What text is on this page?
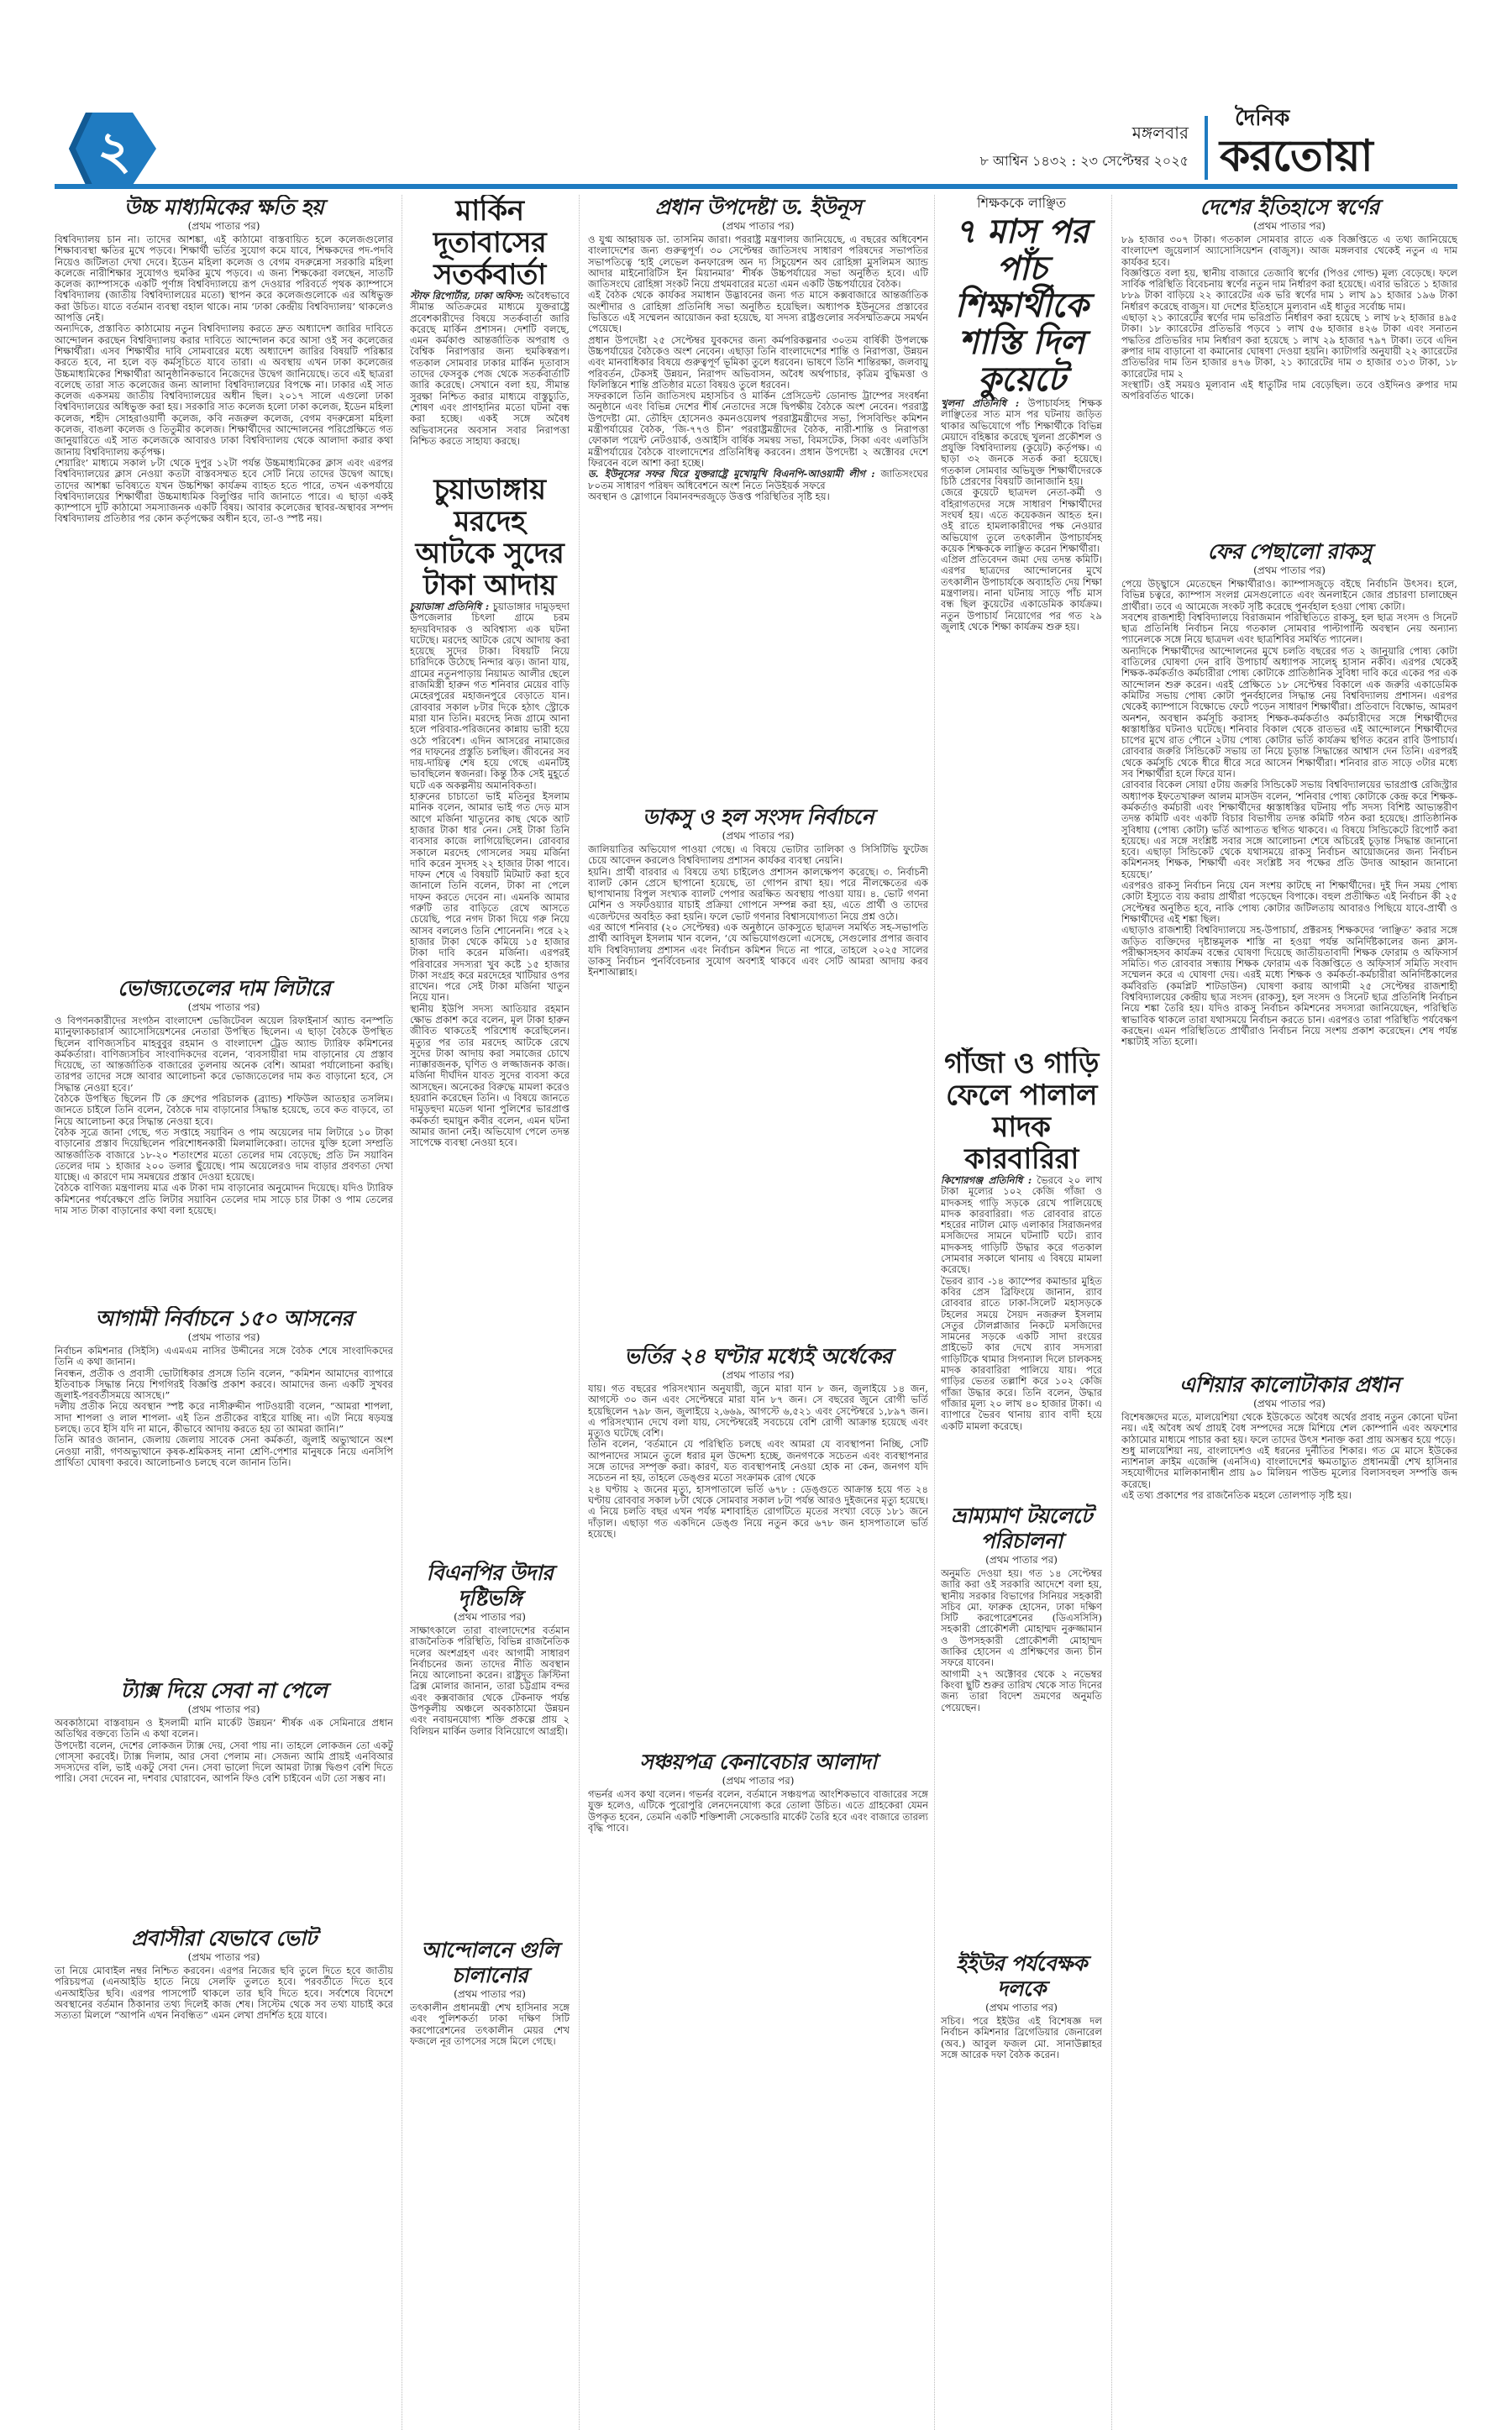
২	মঙ্গলবার
৮ আশ্বিন ১৪৩২ : ২৩ সেপ্টেম্বর ২০২৫
দৈনিক
করতোয়া
উচ্চ মাধ্যমিকের ক্ষতি হয়
(প্রথম পাতার পর)

বিশ্ববিদ্যালয় চান না। তাদের আশঙ্কা, এই কাঠামো বাস্তবায়িত হলে কলেজগুলোর শিক্ষাব্যবস্থা ক্ষতির মুখে পড়বে। শিক্ষার্থী ভর্তির সুযোগ কমে যাবে, শিক্ষকদের পদ-পদবি নিয়েও জটিলতা দেখা দেবে। ইডেন মহিলা কলেজ ও বেগম বদরুন্নেসা সরকারি মহিলা কলেজে নারীশিক্ষার সুযোগও হুমকির মুখে পড়বে। এ জন্য শিক্ষকেরা বলছেন, সাতটি কলেজ ক্যাম্পাসকে একটি পূর্ণাঙ্গ বিশ্ববিদ্যালয়ে রূপ দেওয়ার পরিবর্তে পৃথক ক্যাম্পাসে বিশ্ববিদ্যালয় (জাতীয় বিশ্ববিদ্যালয়ের মতো) স্থাপন করে কলেজগুলোকে এর অধিভুক্ত করা উচিত। যাতে বর্তমান ব্যবস্থা বহাল থাকে। নাম ‘ঢাকা কেন্দ্রীয় বিশ্ববিদ্যালয়’ থাকলেও আপত্তি নেই।

অন্যদিকে, প্রস্তাবিত কাঠামোয় নতুন বিশ্ববিদ্যালয় করতে দ্রুত অধ্যাদেশ জারির দাবিতে আন্দোলন করছেন বিশ্ববিদ্যালয় করার দাবিতে আন্দোলন করে আসা ওই সব কলেজের শিক্ষার্থীরা। এসব শিক্ষার্থীর দাবি সোমবারের মধ্যে অধ্যাদেশ জারির বিষয়টি পরিষ্কার করতে হবে, না হলে বড় কর্মসূচিতে যাবে তারা। এ অবস্থায় এখন ঢাকা কলেজের উচ্চমাধ্যমিকের শিক্ষার্থীরা আনুষ্ঠানিকভাবে নিজেদের উদ্বেগ জানিয়েছে। তবে এই ছাত্ররা বলেছে তারা সাত কলেজের জন্য আলাদা বিশ্ববিদ্যালয়ের বিপক্ষে না। ঢাকার এই সাত কলেজ একসময় জাতীয় বিশ্ববিদ্যালয়ের অধীন ছিল। ২০১৭ সালে এগুলো ঢাকা বিশ্ববিদ্যালয়ের অধিভুক্ত করা হয়। সরকারি সাত কলেজ হলো ঢাকা কলেজ, ইডেন মহিলা কলেজ, শহীদ সোহরাওয়ার্দী কলেজ, কবি নজরুল কলেজ, বেগম বদরুন্নেসা মহিলা কলেজ, বাঙলা কলেজ ও তিতুমীর কলেজ। শিক্ষার্থীদের আন্দোলনের পরিপ্রেক্ষিতে গত জানুয়ারিতে এই সাত কলেজকে আবারও ঢাকা বিশ্ববিদ্যালয় থেকে আলাদা করার কথা জানায় বিশ্ববিদ্যালয় কর্তৃপক্ষ।

শেয়ারিং’ মাধ্যমে সকাল ৮টা থেকে দুপুর ১২টা পর্যন্ত উচ্চমাধ্যমিকের ক্লাস এবং এরপর বিশ্ববিদ্যালয়ের ক্লাস নেওয়া কতটা বাস্তবসম্মত হবে সেটি নিয়ে তাদের উদ্বেগ আছে। তাদের আশঙ্কা ভবিষ্যতে যখন উচ্চশিক্ষা কার্যক্রম ব্যাহত হতে পারে, তখন একপর্যায়ে বিশ্ববিদ্যালয়ের শিক্ষার্থীরা উচ্চমাধ্যমিক বিলুপ্তির দাবি জানাতে পারে। এ ছাড়া একই ক্যাম্পাসে দুটি কাঠামো সমস্যাজনক একটি বিষয়। আবার কলেজের স্থাবর-অস্থাবর সম্পদ বিশ্ববিদ্যালয় প্রতিষ্ঠার পর কোন কর্তৃপক্ষের অধীন হবে, তা-ও স্পষ্ট নয়।

ভোজ্যতেলের দাম লিটারে
(প্রথম পাতার পর)

ও বিপণনকারীদের সংগঠন বাংলাদেশ ভেজিটেবল অয়েল রিফাইনার্স অ্যান্ড বনস্পতি ম্যানুফ্যাকচারার্স অ্যাসোসিয়েশনের নেতারা উপস্থিত ছিলেন। এ ছাড়া বৈঠকে উপস্থিত ছিলেন বাণিজ্যসচিব মাহবুবুর রহমান ও বাংলাদেশ ট্রেড অ্যান্ড ট্যারিফ কমিশনের কর্মকর্তারা। বাণিজ্যসচিব সাংবাদিকদের বলেন, ‘ব্যবসায়ীরা দাম বাড়ানোর যে প্রস্তাব দিয়েছে, তা আন্তর্জাতিক বাজারের তুলনায় অনেক বেশি। আমরা পর্যালোচনা করছি। তারপর তাদের সঙ্গে আবার আলোচনা করে ভোজ্যতেলের দাম কত বাড়ানো হবে, সে সিদ্ধান্ত নেওয়া হবে।’

বৈঠকে উপস্থিত ছিলেন টি কে গ্রুপের পরিচালক (ব্র্যান্ড) শফিউল আতহার তসলিম। জানতে চাইলে তিনি বলেন, বৈঠকে দাম বাড়ানোর সিদ্ধান্ত হয়েছে, তবে কত বাড়বে, তা নিয়ে আলোচনা করে সিদ্ধান্ত নেওয়া হবে।

বৈঠক সূত্রে জানা গেছে, গত সপ্তাহে সয়াবিন ও পাম অয়েলের দাম লিটারে ১০ টাকা বাড়ানোর প্রস্তাব দিয়েছিলেন পরিশোধনকারী মিলমালিকেরা। তাদের যুক্তি হলো সম্প্রতি আন্তর্জাতিক বাজারে ১৮-২০ শতাংশের মতো তেলের দাম বেড়েছে; প্রতি টন সয়াবিন তেলের দাম ১ হাজার ২০০ ডলার ছুঁয়েছে। পাম অয়েলেরও দাম বাড়ার প্রবণতা দেখা যাচ্ছে। এ কারণে দাম সমন্বয়ের প্রস্তাব দেওয়া হয়েছে।

বৈঠকে বাণিজ্য মন্ত্রণালয় মাত্র এক টাকা দাম বাড়ানোর অনুমোদন দিয়েছে। যদিও ট্যারিফ কমিশনের পর্যবেক্ষণে প্রতি লিটার সয়াবিন তেলের দাম সাড়ে চার টাকা ও পাম তেলের দাম সাত টাকা বাড়ানোর কথা বলা হয়েছে।

আগামী নির্বাচনে ১৫০ আসনের
(প্রথম পাতার পর)

নির্বাচন কমিশনার (সিইসি) এএমএম নাসির উদ্দীনের সঙ্গে বৈঠক শেষে সাংবাদিকদের তিনি এ কথা জানান।

নিবন্ধন, প্রতীক ও প্রবাসী ভোটাধিকার প্রসঙ্গে তিনি বলেন, “কমিশন আমাদের ব্যাপারে ইতিবাচক সিদ্ধান্ত নিয়ে শিগগিরই বিজ্ঞপ্তি প্রকাশ করবে। আমাদের জন্য একটি সুখবর জুলাই-পরবর্তীসময়ে আসছে।”

দলীয় প্রতীক নিয়ে অবস্থান স্পষ্ট করে নাসীরুদ্দীন পাটওয়ারী বলেন, “আমরা শাপলা, সাদা শাপলা ও লাল শাপলা- এই তিন প্রতীকের বাইরে যাচ্ছি না। এটা নিয়ে ষড়যন্ত্র চলছে। তবে ইসি যদি না মানে, কীভাবে আদায় করতে হয় তা আমরা জানি।”

তিনি আরও জানান, জেলায় জেলায় সাবেক সেনা কর্মকর্তা, জুলাই অভ্যুত্থানে অংশ নেওয়া নারী, গণঅভ্যুত্থানে কৃষক-শ্রমিকসহ নানা শ্রেণি-পেশার মানুষকে নিয়ে এনসিপি প্রার্থিতা ঘোষণা করবে। আলোচনাও চলছে বলে জানান তিনি।

ট্যাক্স দিয়ে সেবা না পেলে
(প্রথম পাতার পর)

অবকাঠামো বাস্তবায়ন ও ইসলামী মানি মার্কেট উন্নয়ন’ শীর্ষক এক সেমিনারে প্রধান অতিথির বক্তব্যে তিনি এ কথা বলেন।

উপদেষ্টা বলেন, দেশের লোকজন ট্যাক্স দেয়, সেবা পায় না। তাহলে লোকজন তো একটু গোস্সা করবেই। ট্যাক্স দিলাম, আর সেবা পেলাম না। সেজন্য আমি প্রায়ই এনবিআর সদস্যদের বলি, ভাই একটু সেবা দেন। সেবা ভালো দিলে আমরা ট্যাক্স দ্বিগুণ বেশি দিতে পারি। সেবা দেবেন না, দশবার ঘোরাবেন, আপনি ফিও বেশি চাইবেন এটা তো সম্ভব না।

প্রবাসীরা যেভাবে ভোট
(প্রথম পাতার পর)

তা নিয়ে মোবাইল নম্বর নিশ্চিত করবেন। এরপর নিজের ছবি তুলে দিতে হবে জাতীয় পরিচয়পত্র (এনআইডি হাতে নিয়ে সেলফি তুলতে হবে। পরবর্তীতে দিতে হবে এনআইডির ছবি। এরপর পাসপোর্ট থাকলে তার ছবি দিতে হবে। সর্বশেষে বিদেশে অবস্থানের বর্তমান ঠিকানার তথ্য দিলেই কাজ শেষ। সিস্টেম থেকে সব তথ্য যাচাই করে সত্যতা মিললে “আপনি এখন নিবন্ধিত” এমন লেখা প্রদর্শিত হয়ে যাবে।

মার্কিন দূতাবাসের সতর্কবার্তা

স্টাফ রিপোর্টার, ঢাকা অফিস: অবৈধভাবে সীমান্ত অতিক্রমের মাধ্যমে যুক্তরাষ্ট্রে প্রবেশকারীদের বিষয়ে সতর্কবার্তা জারি করেছে মার্কিন প্রশাসন। দেশটি বলছে, এমন কর্মকাণ্ড আন্তর্জাতিক অপরাধ ও বৈশ্বিক নিরাপত্তার জন্য হুমকিস্বরূপ। গতকাল সোমবার ঢাকার মার্কিন দূতাবাস তাদের ফেসবুক পেজ থেকে সতর্কবার্তাটি জারি করেছে। সেখানে বলা হয়, সীমান্ত সুরক্ষা নিশ্চিত করার মাধ্যমে বাস্তুচ্যুতি, শোষণ এবং প্রাণহানির মতো ঘটনা বন্ধ করা হচ্ছে। একই সঙ্গে অবৈধ অভিবাসনের অবসান সবার নিরাপত্তা নিশ্চিত করতে সাহায্য করছে।

চুয়াডাঙ্গায় মরদেহ আটকে সুদের টাকা আদায়

চুয়াডাঙ্গা প্রতিনিধি : চুয়াডাঙ্গার দামুড়হুদা উপজেলার চিৎলা গ্রামে চরম হৃদয়বিদারক ও অবিশ্বাস্য এক ঘটনা ঘটেছে। মরদেহ আটকে রেখে আদায় করা হয়েছে সুদের টাকা। বিষয়টি নিয়ে চারিদিকে উঠেছে নিন্দার ঝড়। জানা যায়, গ্রামের নতুনপাড়ায় নিয়ামত আলীর ছেলে রাজমিস্ত্রী হারুন গত শনিবার মেয়ের বাড়ি মেহেরপুরের মহাজনপুরে বেড়াতে যান। রোববার সকাল ৮টার দিকে হঠাৎ স্ট্রোকে মারা যান তিনি। মরদেহ নিজ গ্রামে আনা হলে পরিবার-পরিজনের কান্নায় ভারী হয়ে ওঠে পরিবেশ। এদিন আসরের নামাজের পর দাফনের প্রস্তুতি চলছিল। জীবনের সব দায়-দায়িত্ব শেষ হয়ে গেছে এমনটিই ভাবছিলেন স্বজনরা। কিন্তু ঠিক সেই মুহূর্তে ঘটে এক অকল্পনীয় অমানবিকতা।

হারুনের চাচাতো ভাই মতিনুর ইসলাম মানিক বলেন, আমার ভাই গত দেড় মাস আগে মর্জিনা খাতুনের কাছ থেকে আট হাজার টাকা ধার নেন। সেই টাকা তিনি ব্যবসার কাজে লাগিয়েছিলেন। রোববার সকালে মরদেহ গোসলের সময় মর্জিনা দাবি করেন সুদসহ ২২ হাজার টাকা পাবে। দাফন শেষে এ বিষয়টি মিটমাট করা হবে জানালে তিনি বলেন, টাকা না পেলে দাফন করতে দেবেন না। এমনকি আমার গরুটি তার বাড়িতে রেখে আসতে চেয়েছি, পরে নগদ টাকা দিয়ে গরু নিয়ে আসব বললেও তিনি শোনেননি। পরে ২২ হাজার টাকা থেকে কমিয়ে ১৫ হাজার টাকা দাবি করেন মর্জিনা। এরপরই পরিবারের সদস্যরা খুব কষ্টে ১৫ হাজার টাকা সংগ্রহ করে মরদেহের খাটিয়ার ওপর রাখেন। পরে সেই টাকা মর্জিনা খাতুন নিয়ে যান।

স্থানীয় ইউপি সদস্য আতিয়ার রহমান ক্ষোভ প্রকাশ করে বলেন, মূল টাকা হারুন জীবিত থাকতেই পরিশোধ করেছিলেন। মৃত্যুর পর তার মরদেহ আটকে রেখে সুদের টাকা আদায় করা সমাজের চোখে ন্যাক্কারজনক, ঘৃণিত ও লজ্জাজনক কাজ। মর্জিনা দীর্ঘদিন যাবত সুদের ব্যবসা করে আসছেন। অনেকের বিরুদ্ধে মামলা করেও হয়রানি করেছেন তিনি। এ বিষয়ে জানতে দামুড়হুদা মডেল থানা পুলিশের ভারপ্রাপ্ত কর্মকর্তা হুমায়ুন কবীর বলেন, এমন ঘটনা আমার জানা নেই। অভিযোগ পেলে তদন্ত সাপেক্ষে ব্যবস্থা নেওয়া হবে।

বিএনপির উদার দৃষ্টিভঙ্গি
(প্রথম পাতার পর)

সাক্ষাৎকালে তারা বাংলাদেশের বর্তমান রাজনৈতিক পরিস্থিতি, বিভিন্ন রাজনৈতিক দলের অংশগ্রহণ এবং আগামী সাধারণ নির্বাচনের জন্য তাদের নীতি অবস্থান নিয়ে আলোচনা করেন। রাষ্ট্রদূত ক্রিস্টিনা ব্রিক্স মোলার জানান, তারা চট্টগ্রাম বন্দর এবং কক্সবাজার থেকে টেকনাফ পর্যন্ত উপকূলীয় অঞ্চলে অবকাঠামো উন্নয়ন এবং নবায়নযোগ্য শক্তি প্রকল্পে প্রায় ২ বিলিয়ন মার্কিন ডলার বিনিয়োগে আগ্রহী।

আন্দোলনে গুলি চালানোর
(প্রথম পাতার পর)

তৎকালীন প্রধানমন্ত্রী শেখ হাসিনার সঙ্গে এবং পুলিশকর্তা ঢাকা দক্ষিণ সিটি করপোরেশনের তৎকালীন মেয়র শেখ ফজলে নূর তাপসের সঙ্গে মিলে গেছে।

প্রধান উপদেষ্টা ড. ইউনূস
(প্রথম পাতার পর)

ও যুগ্ম আহ্বায়ক ডা. তাসনিম জারা। পররাষ্ট্র মন্ত্রণালয় জানিয়েছে, এ বছরের অধিবেশন বাংলাদেশের জন্য গুরুত্বপূর্ণ। ৩০ সেপ্টেম্বর জাতিসংঘ সাধারণ পরিষদের সভাপতির সভাপতিত্বে ‘হাই লেভেল কনফারেন্স অন দ্য সিচুয়েশন অব রোহিঙ্গা মুসলিমস অ্যান্ড আদার মাইনোরিটিস ইন মিয়ানমার’ শীর্ষক উচ্চপর্যায়ের সভা অনুষ্ঠিত হবে। এটি জাতিসংঘে রোহিঙ্গা সংকট নিয়ে প্রথমবারের মতো এমন একটি উচ্চপর্যায়ের বৈঠক।

এই বৈঠক থেকে কার্যকর সমাধান উদ্ভাবনের জন্য গত মাসে কক্সবাজারে আন্তর্জাতিক অংশীদার ও রোহিঙ্গা প্রতিনিধি সভা অনুষ্ঠিত হয়েছিল। অধ্যাপক ইউনূসের প্রস্তাবের ভিত্তিতে এই সম্মেলন আয়োজন করা হয়েছে, যা সদস্য রাষ্ট্রগুলোর সর্বসম্মতিক্রমে সমর্থন পেয়েছে।

প্রধান উপদেষ্টা ২৫ সেপ্টেম্বর যুবকদের জন্য কর্মপরিকল্পনার ৩০তম বার্ষিকী উপলক্ষে উচ্চপর্যায়ের বৈঠকেও অংশ নেবেন। এছাড়া তিনি বাংলাদেশের শান্তি ও নিরাপত্তা, উন্নয়ন এবং মানবাধিকার বিষয়ে গুরুত্বপূর্ণ ভূমিকা তুলে ধরবেন। ভাষণে তিনি শান্তিরক্ষা, জলবায়ু পরিবর্তন, টেকসই উন্নয়ন, নিরাপদ অভিবাসন, অবৈধ অর্থপাচার, কৃত্রিম বুদ্ধিমত্তা ও ফিলিস্তিনে শান্তি প্রতিষ্ঠার মতো বিষয়ও তুলে ধরবেন।

সফরকালে তিনি জাতিসংঘ মহাসচিব ও মার্কিন প্রেসিডেন্ট ডোনাল্ড ট্রাম্পের সংবর্ধনা অনুষ্ঠানে এবং বিভিন্ন দেশের শীর্ষ নেতাদের সঙ্গে দ্বিপক্ষীয় বৈঠকে অংশ নেবেন। পররাষ্ট্র উপদেষ্টা মো. তৌহিদ হোসেনও কমনওয়েলথ পররাষ্ট্রমন্ত্রীদের সভা, পিসবিল্ডিং কমিশন মন্ত্রীপর্যায়ের বৈঠক, ‘জি-৭৭ও চীন’ পররাষ্ট্রমন্ত্রীদের বৈঠক, নারী-শান্তি ও নিরাপত্তা ফোকাল পয়েন্ট নেটওয়ার্ক, ওআইসি বার্ষিক সমন্বয় সভা, বিমসটেক, সিকা এবং এলডিসি মন্ত্রীপর্যায়ের বৈঠকে বাংলাদেশের প্রতিনিধিত্ব করবেন। প্রধান উপদেষ্টা ২ অক্টোবর দেশে ফিরবেন বলে আশা করা হচ্ছে।

ড. ইউনূসের সফর ঘিরে যুক্তরাষ্ট্রে মুখোমুখি বিএনপি-আওয়ামী লীগ : জাতিসংঘের ৮০তম সাধারণ পরিষদ অধিবেশনে অংশ নিতে নিউইয়র্ক সফরে

অবস্থান ও স্লোগানে বিমানবন্দরজুড়ে উত্তপ্ত পরিস্থিতির সৃষ্টি হয়।

ডাকসু ও হল সংসদ নির্বাচনে
(প্রথম পাতার পর)

জালিয়াতির অভিযোগ পাওয়া গেছে। এ বিষয়ে ভোটার তালিকা ও সিসিটিভি ফুটেজ চেয়ে আবেদন করলেও বিশ্ববিদ্যালয় প্রশাসন কার্যকর ব্যবস্থা নেয়নি।

হয়নি। প্রার্থী বারবার এ বিষয়ে তথ্য চাইলেও প্রশাসন কালক্ষেপণ করেছে। ৩. নির্বাচনী ব্যালট কোন প্রেসে ছাপানো হয়েছে, তা গোপন রাখা হয়। পরে নীলক্ষেতের এক ছাপাখানায় বিপুল সংখ্যক ব্যালট পেপার অরক্ষিত অবস্থায় পাওয়া যায়। ৪. ভোট গণনা মেশিন ও সফটওয়্যার যাচাই প্রক্রিয়া গোপনে সম্পন্ন করা হয়, এতে প্রার্থী ও তাদের এজেন্টদের অবহিত করা হয়নি। ফলে ভোট গণনার বিশ্বাসযোগ্যতা নিয়ে প্রশ্ন ওঠে।

এর আগে শনিবার (২০ সেপ্টেম্বর) এক অনুষ্ঠানে ডাকসুতে ছাত্রদল সমর্থিত সহ-সভাপতি প্রার্থী আবিদুল ইসলাম খান বলেন, ‘যে অভিযোগগুলো এসেছে, সেগুলোর প্রপার জবাব যদি বিশ্ববিদ্যালয় প্রশাসন এবং নির্বাচন কমিশন দিতে না পারে, তাহলে ২০২৫ সালের ডাকসু নির্বাচন পুনর্বিবেচনার সুযোগ অবশ্যই থাকবে এবং সেটি আমরা আদায় করব ইনশাআল্লাহ।

ভর্তির ২৪ ঘণ্টার মধ্যেই অর্ধেকের
(প্রথম পাতার পর)

যায়। গত বছরের পরিসংখ্যান অনুযায়ী, জুনে মারা যান ৮ জন, জুলাইয়ে ১৪ জন, আগস্টে ৩০ জন এবং সেপ্টেম্বরে মারা যান ৮৭ জন। সে বছরের জুনে রোগী ভর্তি হয়েছিলেন ৭৯৮ জন, জুলাইয়ে ২,৬৬৯, আগস্টে ৬,৫২১ এবং সেপ্টেম্বরে ১,৮৯৭ জন। এ পরিসংখ্যান দেখে বলা যায়, সেপ্টেম্বরেই সবচেয়ে বেশি রোগী আক্রান্ত হয়েছে এবং মৃত্যুও ঘটেছে বেশি।

তিনি বলেন, ‘বর্তমানে যে পরিস্থিতি চলছে এবং আমরা যে ব্যবস্থাপনা নিচ্ছি, সেটি আপনাদের সামনে তুলে ধরার মূল উদ্দেশ্য হচ্ছে, জনগণকে সচেতন এবং ব্যবস্থাপনার সঙ্গে তাদের সম্পৃক্ত করা। কারণ, যত ব্যবস্থাপনাই নেওয়া হোক না কেন, জনগণ যদি সচেতন না হয়, তাহলে ডেঙ্গুর মতো সংক্রামক রোগ থেকে

২৪ ঘণ্টায় ২ জনের মৃত্যু, হাসপাতালে ভর্তি ৬৭৮ : ডেঙ্গুতে আক্রান্ত হয়ে গত ২৪ ঘণ্টায় রোববার সকাল ৮টা থেকে সোমবার সকাল ৮টা পর্যন্ত আরও দুইজনের মৃত্যু হয়েছে। এ নিয়ে চলতি বছর এখন পর্যন্ত মশাবাহিত রোগটিতে মৃতের সংখ্যা বেড়ে ১৮১ জনে দাঁড়াল। এছাড়া গত একদিনে ডেঙ্গু নিয়ে নতুন করে ৬৭৮ জন হাসপাতালে ভর্তি হয়েছে।

সঞ্চয়পত্র কেনাবেচার আলাদা
(প্রথম পাতার পর)

গভর্নর এসব কথা বলেন। গভর্নর বলেন, বর্তমানে সঞ্চয়পত্র আংশিকভাবে বাজারের সঙ্গে যুক্ত হলেও, এটিকে পুরোপুরি লেনদেনযোগ্য করে তোলা উচিত। এতে গ্রাহকেরা যেমন উপকৃত হবেন, তেমনি একটি শক্তিশালী সেকেন্ডারি মার্কেট তৈরি হবে এবং বাজারে তারল্য বৃদ্ধি পাবে।

শিক্ষককে লাঞ্ছিত
৭ মাস পর পাঁচ শিক্ষার্থীকে শাস্তি দিল কুয়েটে

খুলনা প্রতিনিধি : উপাচার্যসহ শিক্ষক লাঞ্ছিতের সাত মাস পর ঘটনায় জড়িত থাকার অভিযোগে পাঁচ শিক্ষার্থীকে বিভিন্ন মেয়াদে বহিষ্কার করেছে খুলনা প্রকৌশল ও প্রযুক্তি বিশ্ববিদ্যালয় (কুয়েট) কর্তৃপক্ষ। এ ছাড়া ৩২ জনকে সতর্ক করা হয়েছে। গতকাল সোমবার অভিযুক্ত শিক্ষার্থীদেরকে চিঠি প্রেরণের বিষয়টি জানাজানি হয়।

জেরে কুয়েটে ছাত্রদল নেতা-কর্মী ও বহিরাগতদের সঙ্গে সাধারণ শিক্ষার্থীদের সংঘর্ষ হয়। এতে কয়েকজন আহত হন। ওই রাতে হামলাকারীদের পক্ষ নেওয়ার অভিযোগ তুলে তৎকালীন উপাচার্যসহ কয়েক শিক্ষককে লাঞ্ছিত করেন শিক্ষার্থীরা।

এপ্রিল প্রতিবেদন জমা দেয় তদন্ত কমিটি। এরপর ছাত্রদের আন্দোলনের মুখে তৎকালীন উপাচার্যকে অব্যাহতি দেয় শিক্ষা মন্ত্রণালয়। নানা ঘটনায় সাড়ে পাঁচ মাস বন্ধ ছিল কুয়েটের একাডেমিক কার্যক্রম। নতুন উপাচার্য নিয়োগের পর গত ২৯ জুলাই থেকে শিক্ষা কার্যক্রম শুরু হয়।

গাঁজা ও গাড়ি ফেলে পালাল মাদক কারবারিরা

কিশোরগঞ্জ প্রতিনিধি : ভৈরবে ২০ লাখ টাকা মূল্যের ১০২ কেজি গাঁজা ও মাদকসহ গাড়ি সড়কে রেখে পালিয়েছে মাদক কারবারিরা। গত রোববার রাতে শহরের নাটাল মোড় এলাকার সিরাজনগর মসজিদের সামনে ঘটনাটি ঘটে। র‍্যাব মাদকসহ গাড়িটি উদ্ধার করে গতকাল সোমবার সকালে থানায় এ বিষয়ে মামলা করেছে।

ভৈরব র‍্যাব -১৪ ক্যাম্পের কমান্ডার মুহিত কবির প্রেস ব্রিফিংয়ে জানান, র‍্যাব রোববার রাতে ঢাকা-সিলেট মহাসড়কে টহলের সময়ে সৈয়দ নজরুল ইসলাম সেতুর টোলপ্লাজার নিকটে মসজিদের সামনের সড়কে একটি সাদা রংয়ের প্রাইভেট কার দেখে র‍্যাব সদস্যরা গাড়িটিকে থামার সিগন্যাল দিলে চালকসহ মাদক কারবারিরা পালিয়ে যায়। পরে গাড়ির ভেতর তল্লাশি করে ১০২ কেজি গাঁজা উদ্ধার করে। তিনি বলেন, উদ্ধার গাঁজার মূল্য ২০ লাখ ৪০ হাজার টাকা। এ ব্যাপারে ভৈরব থানায় র‍্যাব বাদী হয়ে একটি মামলা করেছে।

ভ্রাম্যমাণ টয়লেটে পরিচালনা
(প্রথম পাতার পর)

অনুমতি দেওয়া হয়। গত ১৪ সেপ্টেম্বর জারি করা ওই সরকারি আদেশে বলা হয়, স্থানীয় সরকার বিভাগের সিনিয়র সহকারী সচিব মো. ফারুক হোসেন, ঢাকা দক্ষিণ সিটি করপোরেশনের (ডিএসসিসি) সহকারী প্রোকৌশলী মোহাম্মদ নুরুজ্জামান ও উপসহকারী প্রোকৌশলী মোহাম্মদ জাকির হোসেন এ প্রশিক্ষণের জন্য চীন সফরে যাবেন।

আগামী ২৭ অক্টোবর থেকে ২ নভেম্বর কিংবা ছুটি শুরুর তারিখ থেকে সাত দিনের জন্য তারা বিদেশ ভ্রমণের অনুমতি পেয়েছেন।

ইইউর পর্যবেক্ষক দলকে
(প্রথম পাতার পর)

সচিব। পরে ইইউর এই বিশেষজ্ঞ দল নির্বাচন কমিশনার ব্রিগেডিয়ার জেনারেল (অব.) আবুল ফজল মো. সানাউল্লাহর সঙ্গে আরেক দফা বৈঠক করেন।

দেশের ইতিহাসে স্বর্ণের
(প্রথম পাতার পর)

৮৯ হাজার ৩০৭ টাকা। গতকাল সোমবার রাতে এক বিজ্ঞপ্তিতে এ তথ্য জানিয়েছে বাংলাদেশ জুয়েলার্স অ্যাসোসিয়েশন (বাজুস)। আজ মঙ্গলবার থেকেই নতুন এ দাম কার্যকর হবে।

বিজ্ঞপ্তিতে বলা হয়, স্থানীয় বাজারে তেজাবি স্বর্ণের (পিওর গোল্ড) মূল্য বেড়েছে। ফলে সার্বিক পরিস্থিতি বিবেচনায় স্বর্ণের নতুন দাম নির্ধারণ করা হয়েছে। এবার ভরিতে ১ হাজার ৮৮৯ টাকা বাড়িয়ে ২২ ক্যারেটের এক ভরি স্বর্ণের দাম ১ লাখ ৯১ হাজার ১৯৬ টাকা নির্ধারণ করেছে বাজুস। যা দেশের ইতিহাসে মূল্যবান এই ধাতুর সর্বোচ্চ দাম।

এছাড়া ২১ ক্যারেটের স্বর্ণের দাম ভরিপ্রতি নির্ধারণ করা হয়েছে ১ লাখ ৮২ হাজার ৪৯৫ টাকা। ১৮ ক্যারেটের প্রতিভরি পড়বে ১ লাখ ৫৬ হাজার ৪২৬ টাকা এবং সনাতন পদ্ধতির প্রতিভরির দাম নির্ধারণ করা হয়েছে ১ লাখ ২৯ হাজার ৭৯৭ টাকা। তবে এদিন রুপার দাম বাড়ানো বা কমানোর ঘোষণা দেওয়া হয়নি। ক্যাটাগরি অনুযায়ী ২২ ক্যারেটের প্রতিভরির দাম তিন হাজার ৪৭৬ টাকা, ২১ ক্যারেটের দাম ৩ হাজার ৩১৩ টাকা, ১৮ ক্যারেটের দাম ২

সংস্থাটি। ওই সময়ও মূল্যবান এই ধাতুটির দাম বেড়েছিল। তবে ওইদিনও রুপার দাম অপরিবর্তিত থাকে।

ফের পেছালো রাকসু
(প্রথম পাতার পর)

পেয়ে উচ্ছ্বাসে মেতেছেন শিক্ষার্থীরাও। ক্যাম্পাসজুড়ে বইছে নির্বাচনি উৎসব। হলে, বিভিন্ন চত্বরে, ক্যাম্পাস সংলগ্ন মেসগুলোতে এবং অনলাইনে জোর প্রচারণা চালাচ্ছেন প্রার্থীরা। তবে এ আমেজে সংকট সৃষ্টি করেছে পুনর্বহাল হওয়া পোষ্য কোটা।

সবশেষ রাজশাহী বিশ্ববিদ্যালয়ে বিরাজমান পরিস্থিতিতে রাকসু, হল ছাত্র সংসদ ও সিনেট ছাত্র প্রতিনিধি নির্বাচন নিয়ে গতকাল সোমবার পাল্টাপাল্টি অবস্থান নেয় অন্যান্য প্যানেলকে সঙ্গে নিয়ে ছাত্রদল এবং ছাত্রশিবির সমর্থিত প্যানেল।

অন্যদিকে শিক্ষার্থীদের আন্দোলনের মুখে চলতি বছরের গত ২ জানুয়ারি পোষ্য কোটা বাতিলের ঘোষণা দেন রাবি উপাচার্য অধ্যাপক সালেহ্ হাসান নকীব। এরপর থেকেই শিক্ষক-কর্মকর্তাও কর্মচারীরা পোষ্য কোটাকে প্রাতিষ্ঠানিক সুবিধা দাবি করে একের পর এক আন্দোলন শুরু করেন। এরই প্রেক্ষিতে ১৮ সেপ্টেম্বর বিকালে এক জরুরি একাডেমিক কমিটির সভায় পোষ্য কোটা পুনর্বহালের সিদ্ধান্ত নেয় বিশ্ববিদ্যালয় প্রশাসন। এরপর থেকেই ক্যাম্পাসে বিক্ষোভে ফেটে পড়েন সাধারণ শিক্ষার্থীরা। প্রতিবাদে বিক্ষোভ, আমরণ অনশন, অবস্থান কর্মসূচি করাসহ শিক্ষক-কর্মকর্তাও কর্মচারীদের সঙ্গে শিক্ষার্থীদের ধ্বস্তাধস্তির ঘটনাও ঘটেছে। শনিবার বিকাল থেকে রাতভর এই আন্দোলনে শিক্ষার্থীদের চাপের মুখে রাত পৌনে ২টায় পোষ্য কোটার ভর্তি কার্যক্রম স্থগিত করেন রাবি উপাচার্য। রোববার জরুরি সিন্ডিকেট সভায় তা নিয়ে চূড়ান্ত সিদ্ধান্তের আশ্বাস দেন তিনি। এরপরই থেকে কর্মসূচি থেকে ধীরে ধীরে সরে আসেন শিক্ষার্থীরা। শনিবার রাত সাড়ে ৩টার মধ্যে সব শিক্ষার্থীরা হলে ফিরে যান।

রোববার বিকেল সোয়া ৫টায় জরুরি সিন্ডিকেট সভায় বিশ্ববিদ্যালয়ের ভারপ্রাপ্ত রেজিস্ট্রার অধ্যাপক ইফতেখারুল আলম মাসউদ বলেন, ‘শনিবার পোষ্য কোটাকে কেন্দ্র করে শিক্ষক-কর্মকর্তাও কর্মচারী এবং শিক্ষার্থীদের ধ্বস্তাধস্তির ঘটনায় পাঁচ সদস্য বিশিষ্ট আভ্যন্তরীণ তদন্ত কমিটি এবং একটি বিচার বিভাগীয় তদন্ত কমিটি গঠন করা হয়েছে। প্রাতিষ্ঠানিক সুবিধায় (পোষ্য কোটা) ভর্তি আপাতত স্থগিত থাকবে। এ বিষয়ে সিন্ডিকেটে রিপোর্ট করা হয়েছে। এর সঙ্গে সংশ্লিষ্ট সবার সঙ্গে আলোচনা শেষে অচিরেই চূড়ান্ত সিদ্ধান্ত জানানো হবে। এছাড়া সিন্ডিকেট থেকে যথাসময়ে রাকসু নির্বাচন আয়োজনের জন্য নির্বাচন কমিশনসহ শিক্ষক, শিক্ষার্থী এবং সংশ্লিষ্ট সব পক্ষের প্রতি উদাত্ত আহ্বান জানানো হয়েছে।’

এরপরও রাকসু নির্বাচন নিয়ে যেন সংশয় কাটছে না শিক্ষার্থীদের। দুই দিন সময় পোষ্য কোটা ইস্যুতে ব্যয় করায় প্রার্থীরা পড়েছেন বিপাকে। বহুল প্রতীক্ষিত এই নির্বাচন কী ২৫ সেপ্টেম্বর অনুষ্ঠিত হবে, নাকি পোষ্য কোটার জটিলতায় আবারও পিছিয়ে যাবে-প্রার্থী ও শিক্ষার্থীদের এই শঙ্কা ছিল।

এছাড়াও রাজশাহী বিশ্ববিদ্যালয়ে সহ-উপাচার্য, প্রক্টরসহ শিক্ষকদের ‘লাঞ্ছিত’ করার সঙ্গে জড়িত ব্যক্তিদের দৃষ্টান্তমূলক শাস্তি না হওয়া পর্যন্ত অনির্দিষ্টকালের জন্য ক্লাস-পরীক্ষাসহসব কার্যক্রম বন্ধের ঘোষণা দিয়েছে জাতীয়তাবাদী শিক্ষক ফোরাম ও অফিসার্স সমিতি। গত রোববার সন্ধ্যায় শিক্ষক ফোরাম এক বিজ্ঞপ্তিতে ও অফিসার্স সমিতি সংবাদ সম্মেলন করে এ ঘোষণা দেয়। এরই মধ্যে শিক্ষক ও কর্মকর্তা-কর্মচারীরা অনির্দিষ্টকালের কর্মবিরতি (কমপ্লিট শাটডাউন) ঘোষণা করায় আগামী ২৫ সেপ্টেম্বর রাজশাহী বিশ্ববিদ্যালয়ের কেন্দ্রীয় ছাত্র সংসদ (রাকসু), হল সংসদ ও সিনেট ছাত্র প্রতিনিধি নির্বাচন নিয়ে শঙ্কা তৈরি হয়। যদিও রাকসু নির্বাচন কমিশনের সদস্যরা জানিয়েছেন, পরিস্থিতি স্বাভাবিক থাকলে তারা যথাসময়ে নির্বাচন করতে চান। এরপরও তারা পরিস্থিতি পর্যবেক্ষণ করছেন। এমন পরিস্থিতিতে প্রার্থীরাও নির্বাচন নিয়ে সংশয় প্রকাশ করেছেন। শেষ পর্যন্ত শঙ্কাটাই সত্যি হলো।

এশিয়ার কালোটাকার প্রধান
(প্রথম পাতার পর)

বিশেষজ্ঞদের মতে, মালয়েশিয়া থেকে ইউকেতে অবৈধ অর্থের প্রবাহ নতুন কোনো ঘটনা নয়। এই অবৈধ অর্থ প্রায়ই বৈধ সম্পদের সঙ্গে মিশিয়ে শেল কোম্পানি এবং অফশোর কাঠামোর মাধ্যমে পাচার করা হয়। ফলে তাদের উৎস শনাক্ত করা প্রায় অসম্ভব হয়ে পড়ে।

শুধু মালয়েশিয়া নয়, বাংলাদেশও এই ধরনের দুর্নীতির শিকার। গত মে মাসে ইউকের ন্যাশনাল ক্রাইম এজেন্সি (এনসিএ) বাংলাদেশের ক্ষমতাচ্যুত প্রধানমন্ত্রী শেখ হাসিনার সহযোগীদের মালিকানাধীন প্রায় ৯০ মিলিয়ন পাউন্ড মূল্যের বিলাসবহুল সম্পত্তি জব্দ করেছে।

এই তথ্য প্রকাশের পর রাজনৈতিক মহলে তোলপাড় সৃষ্টি হয়।
